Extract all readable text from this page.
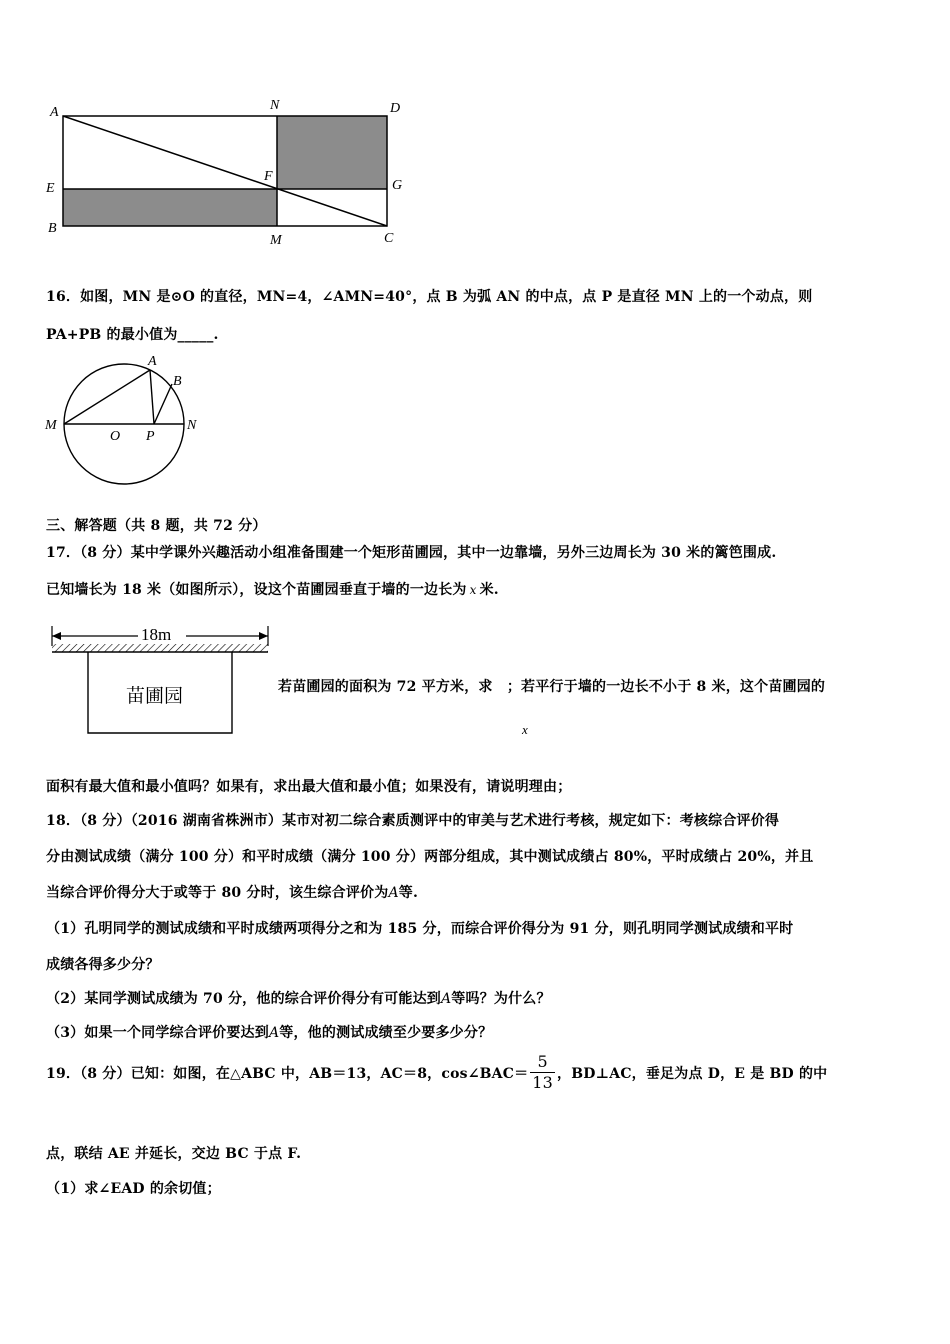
A	N	D
E
F
G
B
M	C
16．如图，MN 是⊙O 的直径，MN=4，∠AMN=40°，点 B 为弧 AN 的中点，点 P 是直径 MN 上的一个动点，则
PA+PB 的最小值为_____.
A
B
M
O P
N
三、解答题（共 8 题，共 72 分）
17．（8 分）某中学课外兴趣活动小组准备围建一个矩形苗圃园，其中一边靠墙，另外三边周长为 30 米的篱笆围成.
已知墙长为 18 米（如图所示），设这个苗圃园垂直于墙的一边长为 x 米.
18m
苗圃园	若苗圃园的面积为 72 平方米，求　；若平行于墙的一边长不小于 8 米，这个苗圃园的
x
面积有最大值和最小值吗？如果有，求出最大值和最小值；如果没有，请说明理由；
18．（8 分）（2016 湖南省株洲市）某市对初二综合素质测评中的审美与艺术进行考核，规定如下：考核综合评价得
分由测试成绩（满分 100 分）和平时成绩（满分 100 分）两部分组成，其中测试成绩占 80%，平时成绩占 20%，并且
当综合评价得分大于或等于 80 分时，该生综合评价为A等.
（1）孔明同学的测试成绩和平时成绩两项得分之和为 185 分，而综合评价得分为 91 分，则孔明同学测试成绩和平时
成绩各得多少分？
（2）某同学测试成绩为 70 分，他的综合评价得分有可能达到A等吗？为什么？
（3）如果一个同学综合评价要达到A等，他的测试成绩至少要多少分？
19．（8 分）已知：如图，在△ABC 中，AB＝13，AC＝8，cos∠BAC＝ $\frac{5}{13}$ ，BD⊥AC，垂足为点 D，E 是 BD 的中
点，联结 AE 并延长，交边 BC 于点 F.
（1）求∠EAD 的余切值；
